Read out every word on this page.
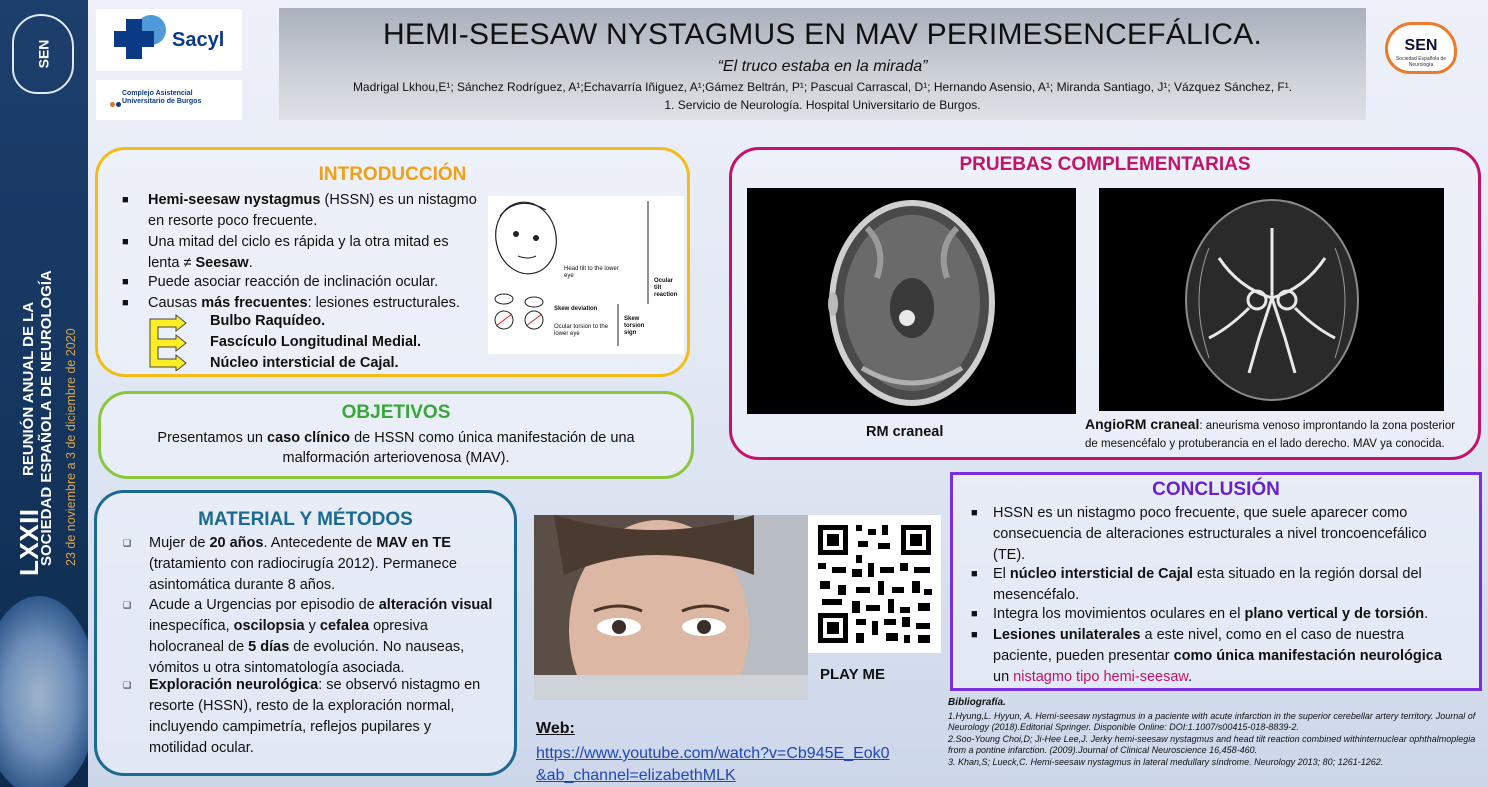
SEN
LXXII
REUNIÓN ANUAL DE LA SOCIEDAD ESPAÑOLA DE NEUROLOGÍA 23 de noviembre a 3 de diciembre de 2020
Sacyl
Complejo Asistencial Universitario de Burgos
SEN
Sociedad Española de Neurología
HEMI-SEESAW NYSTAGMUS EN MAV PERIMESENCEFÁLICA.
“El truco estaba en la mirada”
Madrigal Lkhou,E¹; Sánchez Rodríguez, A¹;Echavarría Iñiguez, A¹;Gámez Beltrán, P¹; Pascual Carrascal, D¹; Hernando Asensio, A¹; Miranda Santiago, J¹; Vázquez Sánchez, F¹.
1. Servicio de Neurología. Hospital Universitario de Burgos.
INTRODUCCIÓN
■ Hemi-seesaw nystagmus (HSSN) es un nistagmo
en resorte poco frecuente.
■ Una mitad del ciclo es rápida y la otra mitad es
lenta ≠ Seesaw.
■ Puede asociar reacción de inclinación ocular.
■ Causas más frecuentes: lesiones estructurales.
Bulbo Raquídeo.
Fascículo Longitudinal Medial.
Núcleo intersticial de Cajal.
Head tilt to the lower eye
Skew deviation
Ocular torsion to the lower eye
Ocular tilt reaction
Skew torsion sign
OBJETIVOS
Presentamos un caso clínico de HSSN como única manifestación de una
malformación arteriovenosa (MAV).
MATERIAL Y MÉTODOS
❑ Mujer de 20 años. Antecedente de MAV en TE
(tratamiento con radiocirugía 2012). Permanece
asintomática durante 8 años.
❑ Acude a Urgencias por episodio de alteración visual
inespecífica, oscilopsia y cefalea opresiva
holocraneal de 5 días de evolución. No nauseas,
vómitos u otra sintomatología asociada.
❑ Exploración neurológica: se observó nistagmo en
resorte (HSSN), resto de la exploración normal,
incluyendo campimetría, reflejos pupilares y
motilidad ocular.
PLAY ME
Web:
https://www.youtube.com/watch?v=Cb945E_Eok0
&ab_channel=elizabethMLK
PRUEBAS COMPLEMENTARIAS
RM craneal	AngioRM craneal: aneurisma venoso improntando la zona posterior
de mesencéfalo y protuberancia en el lado derecho. MAV ya conocida.
CONCLUSIÓN
■ HSSN es un nistagmo poco frecuente, que suele aparecer como
consecuencia de alteraciones estructurales a nivel troncoencefálico
(TE).
■ El núcleo intersticial de Cajal esta situado en la región dorsal del
mesencéfalo.
■ Integra los movimientos oculares en el plano vertical y de torsión.
■ Lesiones unilaterales a este nivel, como en el caso de nuestra
paciente, pueden presentar como única manifestación neurológica
un nistagmo tipo hemi-seesaw.
Bibliografía.
1.Hyung,L. Hyyun, A. Hemi-seesaw nystagmus in a paciente with acute infarction in the superior cerebellar artery territory. Journal of Neurology (2018).Editorial Springer. Disponible Online: DOI:1.1007/s00415-018-8839-2.
2.Soo-Young Choi,D; Ji-Hee Lee,J. Jerky hemi-seesaw nystagmus and head tilt reaction combined withinternuclear ophthalmoplegia from a pontine infarction. (2009).Journal of Clinical Neuroscience 16,458-460.
3. Khan,S; Lueck,C. Hemi-seesaw nystagmus in lateral medullary síndrome. Neurology 2013; 80; 1261-1262.
